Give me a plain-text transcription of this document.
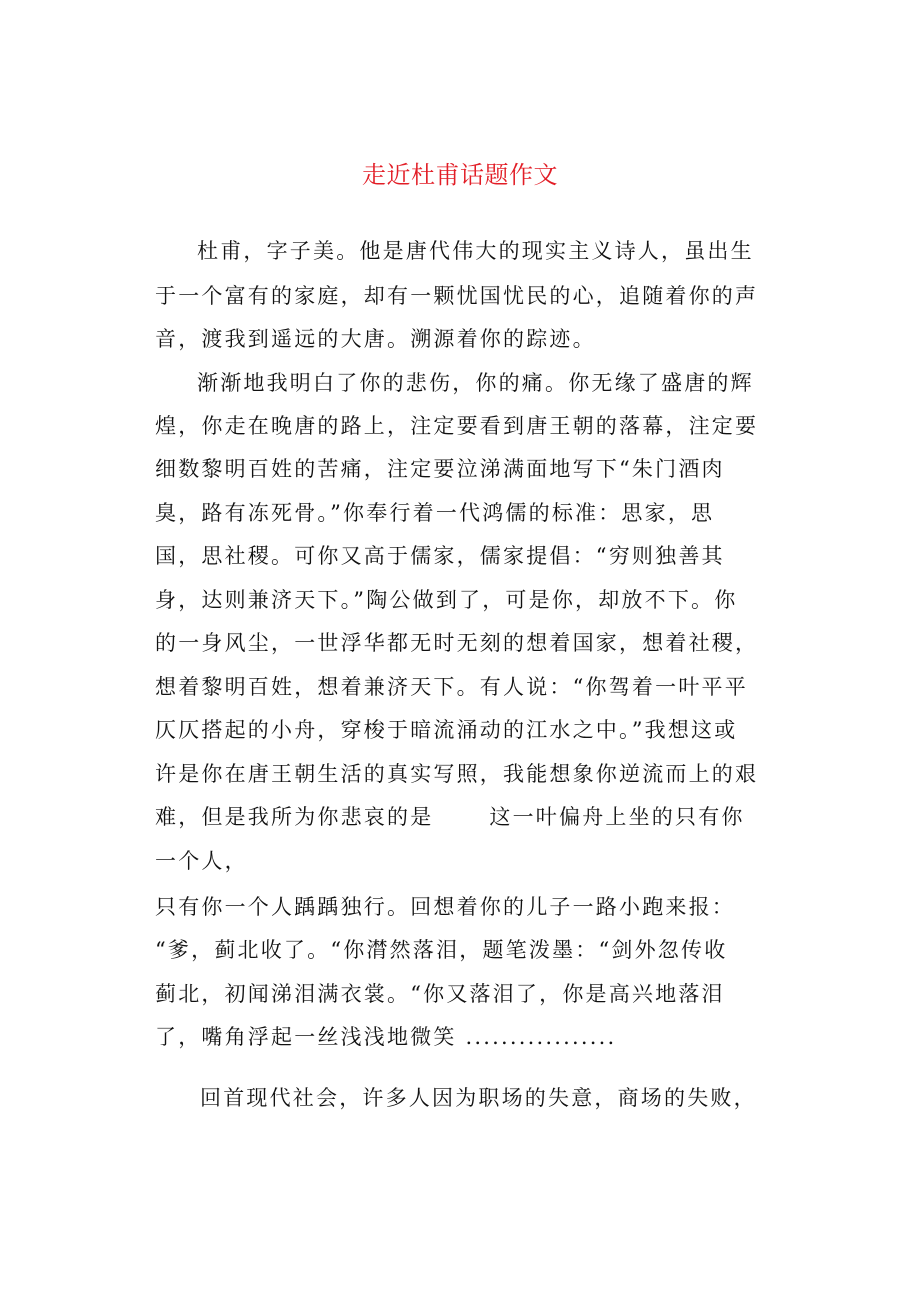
走近杜甫话题作文
杜甫，字子美。他是唐代伟大的现实主义诗人，虽出生
于一个富有的家庭，却有一颗忧国忧民的心，追随着你的声
音，渡我到遥远的大唐。溯源着你的踪迹。
渐渐地我明白了你的悲伤，你的痛。你无缘了盛唐的辉
煌，你走在晚唐的路上，注定要看到唐王朝的落幕，注定要
细数黎明百姓的苦痛，注定要泣涕满面地写下“朱门酒肉
臭，路有冻死骨。”你奉行着一代鸿儒的标准：思家，思
国，思社稷。可你又高于儒家，儒家提倡：“穷则独善其
身，达则兼济天下。”陶公做到了，可是你，却放不下。你
的一身风尘，一世浮华都无时无刻的想着国家，想着社稷，
想着黎明百姓，想着兼济天下。有人说：“你驾着一叶平平
仄仄搭起的小舟，穿梭于暗流涌动的江水之中。”我想这或
许是你在唐王朝生活的真实写照，我能想象你逆流而上的艰
难，但是我所为你悲哀的是	这一叶偏舟上坐的只有你
一个人，
只有你一个人踽踽独行。回想着你的儿子一路小跑来报：
“爹，蓟北收了。“你潸然落泪，题笔泼墨：“剑外忽传收
蓟北，初闻涕泪满衣裳。“你又落泪了，你是高兴地落泪
了，嘴角浮起一丝浅浅地微笑 .................
回首现代社会，许多人因为职场的失意，商场的失败，
